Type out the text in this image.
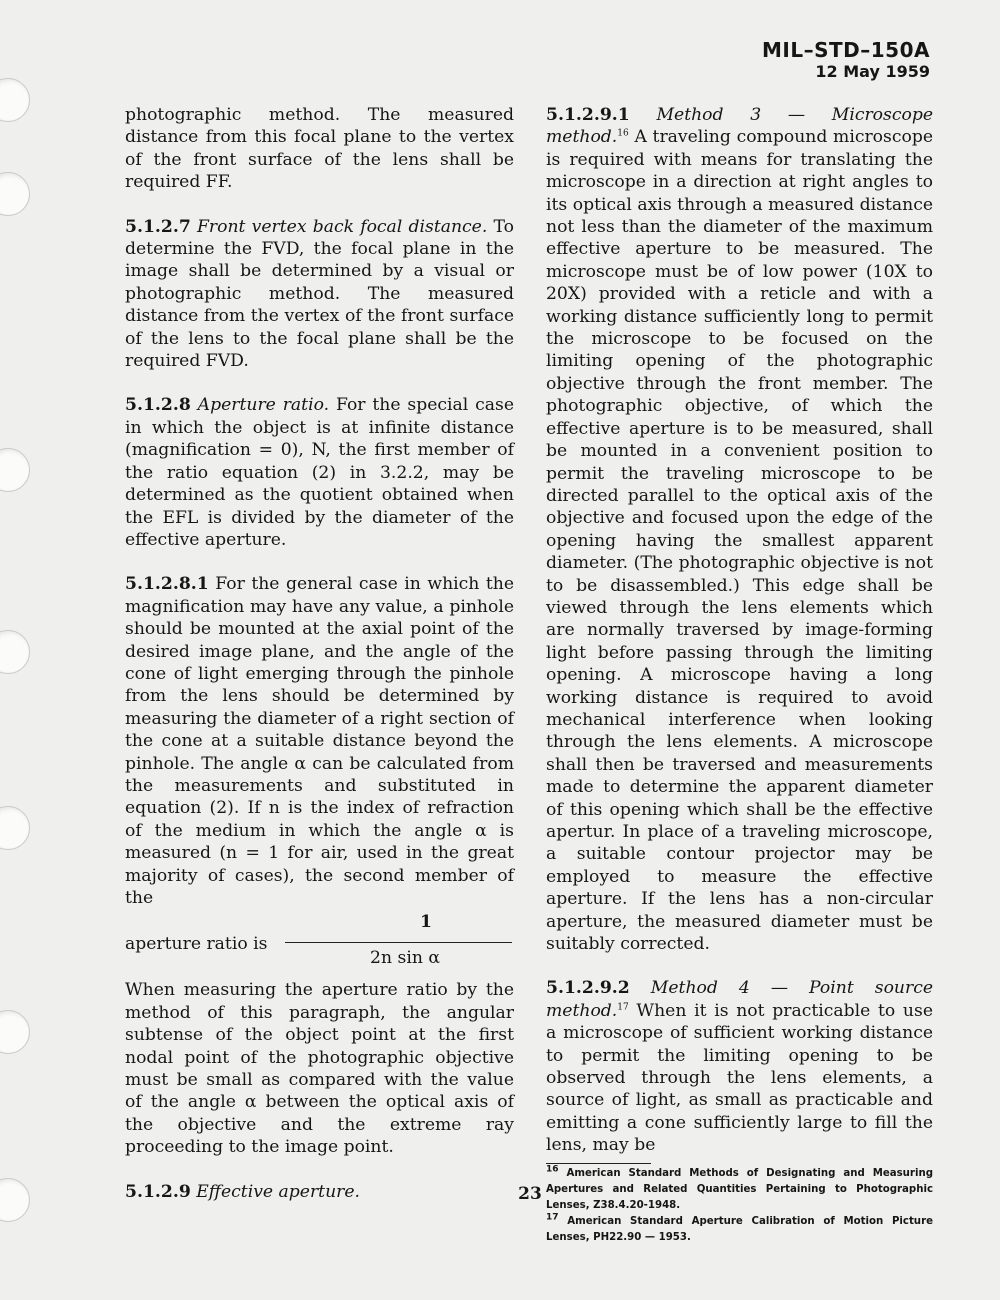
MIL–STD–150A
12 May 1959

photographic method. The measured distance from this focal plane to the vertex of the front surface of the lens shall be required FF.

5.1.2.7 Front vertex back focal distance. To determine the FVD, the focal plane in the image shall be determined by a visual or photographic method. The measured distance from the vertex of the front surface of the lens to the focal plane shall be the required FVD.

5.1.2.8 Aperture ratio. For the special case in which the object is at infinite distance (magnification = 0), N, the first member of the ratio equation (2) in 3.2.2, may be determined as the quotient obtained when the EFL is divided by the diameter of the effective aperture.

5.1.2.8.1 For the general case in which the magnification may have any value, a pinhole should be mounted at the axial point of the desired image plane, and the angle of the cone of light emerging through the pinhole from the lens should be determined by measuring the diameter of a right section of the cone at a suitable distance beyond the pinhole. The angle α can be calculated from the measurements and substituted in equation (2). If n is the index of refraction of the medium in which the angle α is measured (n = 1 for air, used in the great majority of cases), the second member of the

aperture ratio is
1
2n sin α

When measuring the aperture ratio by the method of this paragraph, the angular subtense of the object point at the first nodal point of the photographic objective must be small as compared with the value of the angle α between the optical axis of the objective and the extreme ray proceeding to the image point.

5.1.2.9 Effective aperture.

5.1.2.9.1 Method 3 — Microscope method.$^{16}$ A traveling compound microscope is required with means for translating the microscope in a direction at right angles to its optical axis through a measured distance not less than the diameter of the maximum effective aperture to be measured. The microscope must be of low power (10X to 20X) provided with a reticle and with a working distance sufficiently long to permit the microscope to be focused on the limiting opening of the photographic objective through the front member. The photographic objective, of which the effective aperture is to be measured, shall be mounted in a convenient position to permit the traveling microscope to be directed parallel to the optical axis of the objective and focused upon the edge of the opening having the smallest apparent diameter. (The photographic objective is not to be disassembled.) This edge shall be viewed through the lens elements which are normally traversed by image-forming light before passing through the limiting opening. A microscope having a long working distance is required to avoid mechanical interference when looking through the lens elements. A microscope shall then be traversed and measurements made to determine the apparent diameter of this opening which shall be the effective apertur. In place of a traveling microscope, a suitable contour projector may be employed to measure the effective aperture. If the lens has a non-circular aperture, the measured diameter must be suitably corrected.

5.1.2.9.2 Method 4 — Point source method.$^{17}$ When it is not practicable to use a microscope of sufficient working distance to permit the limiting opening to be observed through the lens elements, a source of light, as small as practicable and emitting a cone sufficiently large to fill the lens, may be

$^{16}$ American Standard Methods of Designating and Measuring Apertures and Related Quantities Pertaining to Photographic Lenses, Z38.4.20-1948.

$^{17}$ American Standard Aperture Calibration of Motion Picture Lenses, PH22.90 — 1953.

23
